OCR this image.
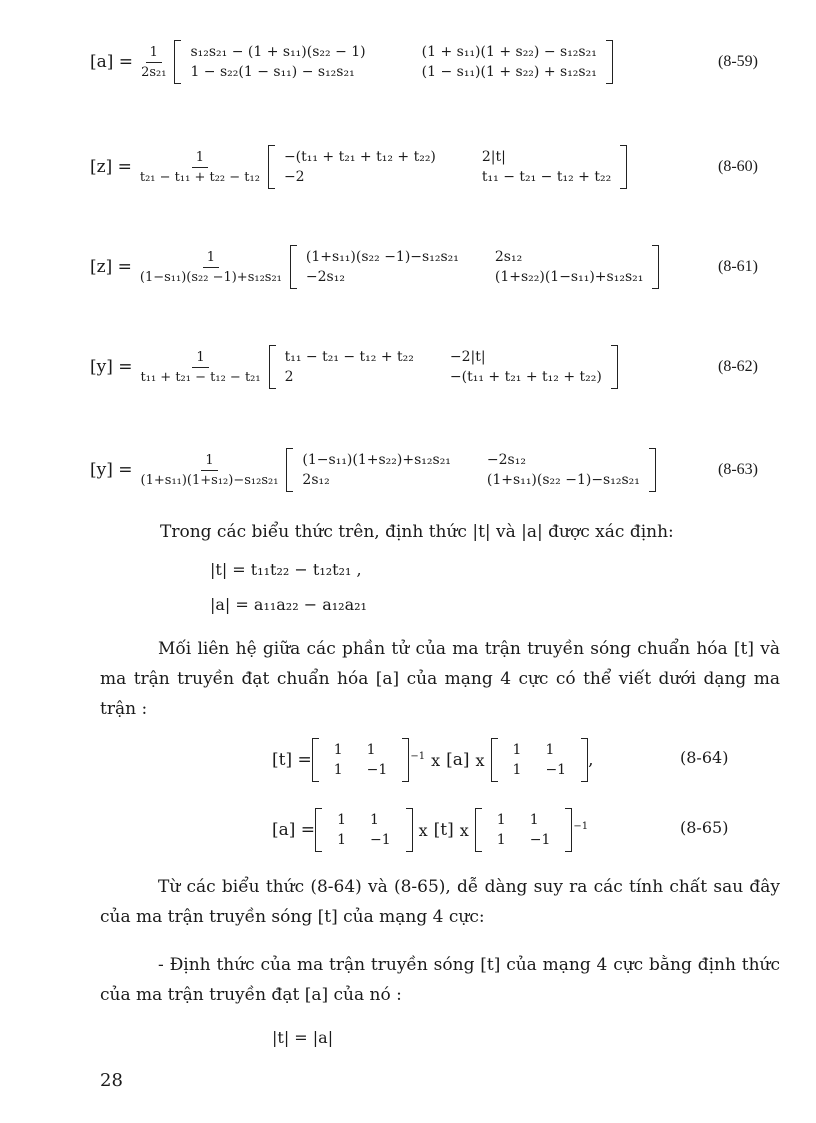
$[a] = \frac{1}{\text{2s₂₁}} s_{12}s_{21} - (1 + s_{11})(s_{22} - 1)$	(1 + s₁₁)(1 + s₂₂) − s₁₂s₂₁
1 − s₂₂(1 − s₁₁) − s₁₂s₂₁	(1 − s₁₁)(1 + s₂₂) + s₁₂s₂₁
(8-59)
$[z] = \frac{1}{\text{t₂₁ − t₁₁ + t₂₂ − t₁₂}} -(t_{11} + t_{21} + t_{12} + t_{22})$	2|t|
−2	t₁₁ − t₂₁ − t₁₂ + t₂₂
(8-60)
$[z] = \frac{1}{\text{(1−s₁₁)(s₂₂ −1)+s₁₂s₂₁}} (1+s_{11})(s_{22} -1)-s_{12}s_{21}$	2s₁₂
−2s₁₂	(1+s₂₂)(1−s₁₁)+s₁₂s₂₁
(8-61)
$[y] = \frac{1}{\text{t₁₁ + t₂₁ − t₁₂ − t₂₁}} t_{11} - t_{21} - t_{12} + t_{22}$	−2|t|
2	−(t₁₁ + t₂₁ + t₁₂ + t₂₂)
(8-62)
$[y] = \frac{1}{\text{(1+s₁₁)(1+s₁₂)−s₁₂s₂₁}} (1-s_{11})(1+s_{22})+s_{12}s_{21}$	−2s₁₂
2s₁₂	(1+s₁₁)(s₂₂ −1)−s₁₂s₂₁
(8-63)
Trong các biểu thức trên, định thức |t| và |a| được xác định:
|t| = t₁₁t₂₂ − t₁₂t₂₁ ,
|a| = a₁₁a₂₂ − a₁₂a₂₁
Mối liên hệ giữa các phần tử của ma trận truyền sóng chuẩn hóa [t] và ma trận truyền đạt chuẩn hóa [a] của mạng 4 cực có thể viết dưới dạng ma trận :
[t] = 1	1
1	−1
−1 x [a] x
1	1
1	−1 ,	(8-64)
[a] = 1	1
1	−1
x [t] x
1	1
1	−1
−1	(8-65)
Từ các biểu thức (8-64) và (8-65), dễ dàng suy ra các tính chất sau đây của ma trận truyền sóng [t] của mạng 4 cực:
- Định thức của ma trận truyền sóng [t] của mạng 4 cực bằng định thức của ma trận truyền đạt [a] của nó :
|t| = |a|
28
